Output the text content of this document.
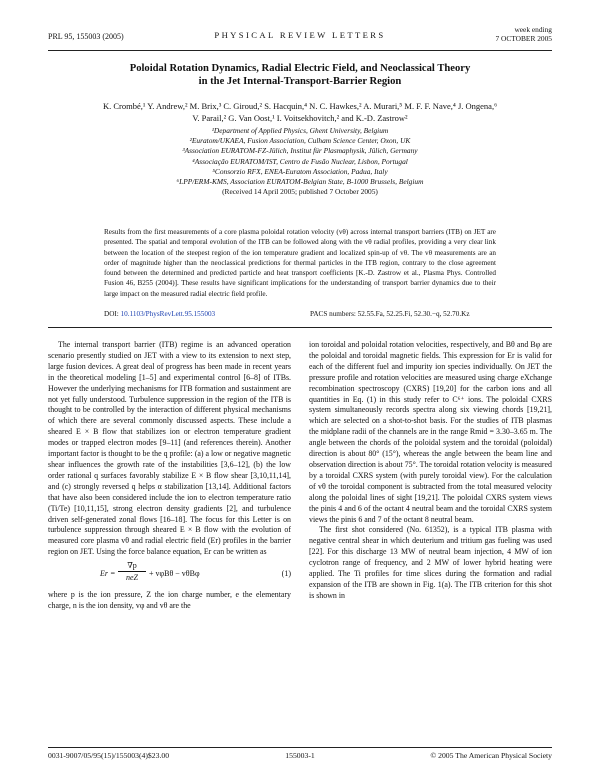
PRL 95, 155003 (2005)	PHYSICAL REVIEW LETTERS
week ending
7 OCTOBER 2005
Poloidal Rotation Dynamics, Radial Electric Field, and Neoclassical Theory
in the Jet Internal-Transport-Barrier Region
K. Crombé,¹ Y. Andrew,² M. Brix,³ C. Giroud,² S. Hacquin,⁴ N. C. Hawkes,² A. Murari,⁵ M. F. F. Nave,⁴ J. Ongena,⁶
V. Parail,² G. Van Oost,¹ I. Voitsekhovitch,² and K.-D. Zastrow²
¹Department of Applied Physics, Ghent University, Belgium
²Euratom/UKAEA, Fusion Association, Culham Science Center, Oxon, UK
³Association EURATOM-FZ-Jülich, Institut für Plasmaphysik, Jülich, Germany
⁴Associação EURATOM/IST, Centro de Fusão Nuclear, Lisbon, Portugal
⁵Consorzio RFX, ENEA-Euratom Association, Padua, Italy
⁶LPP/ERM-KMS, Association EURATOM-Belgian State, B-1000 Brussels, Belgium
(Received 14 April 2005; published 7 October 2005)
Results from the first measurements of a core plasma poloidal rotation velocity (vθ) across internal transport barriers (ITB) on JET are presented. The spatial and temporal evolution of the ITB can be followed along with the vθ radial profiles, providing a very clear link between the location of the steepest region of the ion temperature gradient and localized spin-up of vθ. The vθ measurements are an order of magnitude higher than the neoclassical predictions for thermal particles in the ITB region, contrary to the close agreement found between the determined and predicted particle and heat transport coefficients [K.-D. Zastrow et al., Plasma Phys. Controlled Fusion 46, B255 (2004)]. These results have significant implications for the understanding of transport barrier dynamics due to their large impact on the measured radial electric field profile.
DOI: 10.1103/PhysRevLett.95.155003	PACS numbers: 52.55.Fa, 52.25.Fi, 52.30.−q, 52.70.Kz

The internal transport barrier (ITB) regime is an advanced operation scenario presently studied on JET with a view to its extension to next step, large fusion devices. A great deal of progress has been made in recent years in the theoretical modeling [1–5] and experimental control [6–8] of ITBs. However the underlying mechanisms for ITB formation and sustainment are not yet fully understood. Turbulence suppression in the region of the ITB is thought to be controlled by the interaction of different physical mechanisms of which there are several commonly discussed aspects. These include a sheared E × B flow that stabilizes ion or electron temperature gradient modes or trapped electron modes [9–11] (and references therein). Another important factor is thought to be the q profile: (a) a low or negative magnetic shear influences the growth rate of the instabilities [3,6–12], (b) the low order rational q surfaces favorably stabilize E × B flow shear [3,10,11,14], and (c) strongly reversed q helps α stabilization [13,14]. Additional factors that have also been considered include the ion to electron temperature ratio (Ti/Te) [10,11,15], strong electron density gradients [2], and turbulence driven self-generated zonal flows [16–18]. The focus for this Letter is on turbulence suppression through sheared E × B flow with the evolution of measured core plasma vθ and radial electric field (Er) profiles in the barrier region on JET. Using the force balance equation, Er can be written as

Er =
∇p
neZ	+ vφBθ − vθBφ	(1)

where p is the ion pressure, Z the ion charge number, e the elementary charge, n is the ion density, vφ and vθ are the

ion toroidal and poloidal rotation velocities, respectively, and Bθ and Bφ are the poloidal and toroidal magnetic fields. This expression for Er is valid for each of the different fuel and impurity ion species individually. On JET the pressure profile and rotation velocities are measured using charge eXchange recombination spectroscopy (CXRS) [19,20] for the carbon ions and all quantities in Eq. (1) in this study refer to C⁶⁺ ions. The poloidal CXRS system simultaneously records spectra along six viewing chords [19,21], which are selected on a shot-to-shot basis. For the studies of ITB plasmas the midplane radii of the channels are in the range Rmid = 3.30–3.65 m. The angle between the chords of the poloidal system and the toroidal (poloidal) direction is about 80° (15°), whereas the angle between the beam line and observation direction is about 75°. The toroidal rotation velocity is measured by a toroidal CXRS system (with purely toroidal view). For the calculation of vθ the toroidal component is subtracted from the total measured velocity along the poloidal lines of sight [19,21]. The poloidal CXRS system views the pinis 4 and 6 of the octant 4 neutral beam and the toroidal CXRS system views the pinis 6 and 7 of the octant 8 neutral beam.

The first shot considered (No. 61352), is a typical ITB plasma with negative central shear in which deuterium and tritium gas fueling was used [22]. For this discharge 13 MW of neutral beam injection, 4 MW of ion cyclotron range of frequency, and 2 MW of lower hybrid heating were applied. The Ti profiles for time slices during the formation and radial expansion of the ITB are shown in Fig. 1(a). The ITB criterion for this shot is shown in

0031-9007/05/95(15)/155003(4)$23.00	155003-1	© 2005 The American Physical Society
